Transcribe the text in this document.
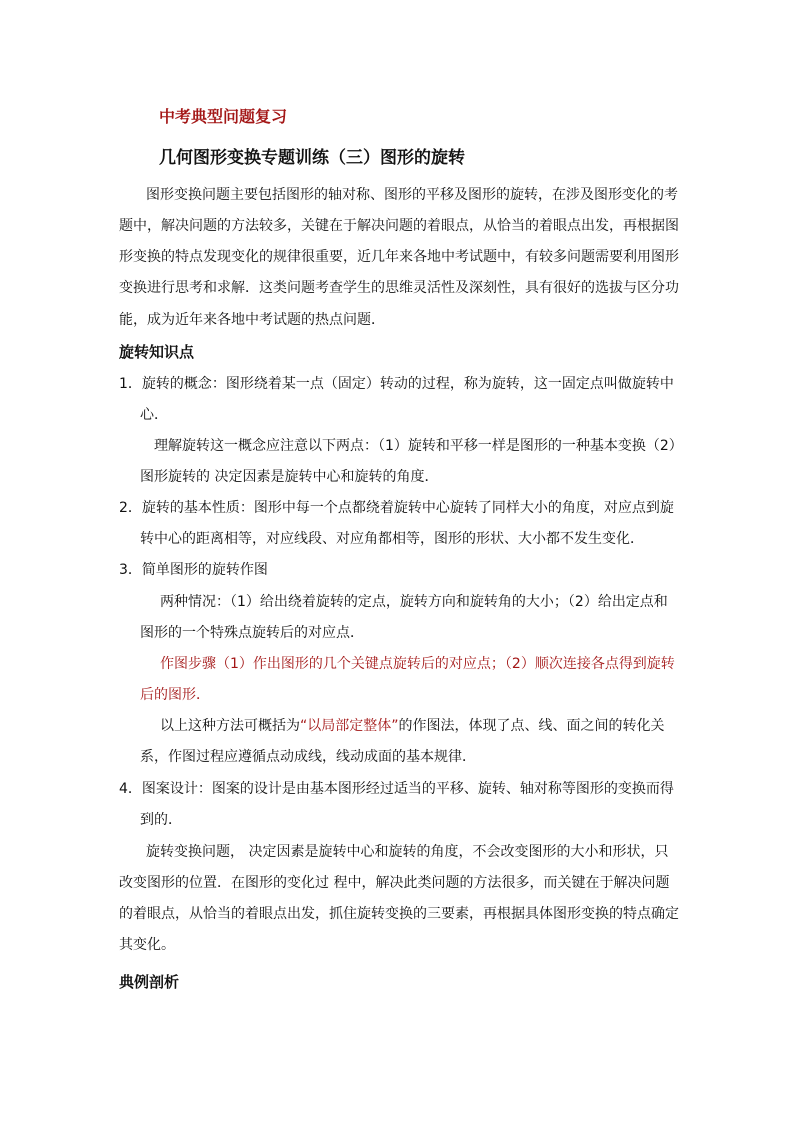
中考典型问题复习
几何图形变换专题训练（三）图形的旋转
图形变换问题主要包括图形的轴对称、图形的平移及图形的旋转，在涉及图形变化的考
题中，解决问题的方法较多，关键在于解决问题的着眼点，从恰当的着眼点出发，再根据图
形变换的特点发现变化的规律很重要，近几年来各地中考试题中，有较多问题需要利用图形
变换进行思考和求解．这类问题考查学生的思维灵活性及深刻性，具有很好的选拔与区分功
能，成为近年来各地中考试题的热点问题．
旋转知识点
1．旋转的概念：图形绕着某一点（固定）转动的过程，称为旋转，这一固定点叫做旋转中
心．
理解旋转这一概念应注意以下两点：（1）旋转和平移一样是图形的一种基本变换（2）
图形旋转的 决定因素是旋转中心和旋转的角度．
2．旋转的基本性质：图形中每一个点都绕着旋转中心旋转了同样大小的角度，对应点到旋
转中心的距离相等，对应线段、对应角都相等，图形的形状、大小都不发生变化．
3．简单图形的旋转作图
两种情况：（1）给出绕着旋转的定点，旋转方向和旋转角的大小；（2）给出定点和
图形的一个特殊点旋转后的对应点．
作图步骤（1）作出图形的几个关键点旋转后的对应点；（2）顺次连接各点得到旋转
后的图形．
以上这种方法可概括为“以局部定整体”的作图法，体现了点、线、面之间的转化关
系，作图过程应遵循点动成线，线动成面的基本规律．
4．图案设计：图案的设计是由基本图形经过适当的平移、旋转、轴对称等图形的变换而得
到的．
旋转变换问题， 决定因素是旋转中心和旋转的角度，不会改变图形的大小和形状，只
改变图形的位置．在图形的变化过 程中，解决此类问题的方法很多，而关键在于解决问题
的着眼点，从恰当的着眼点出发，抓住旋转变换的三要素，再根据具体图形变换的特点确定
其变化。
典例剖析
